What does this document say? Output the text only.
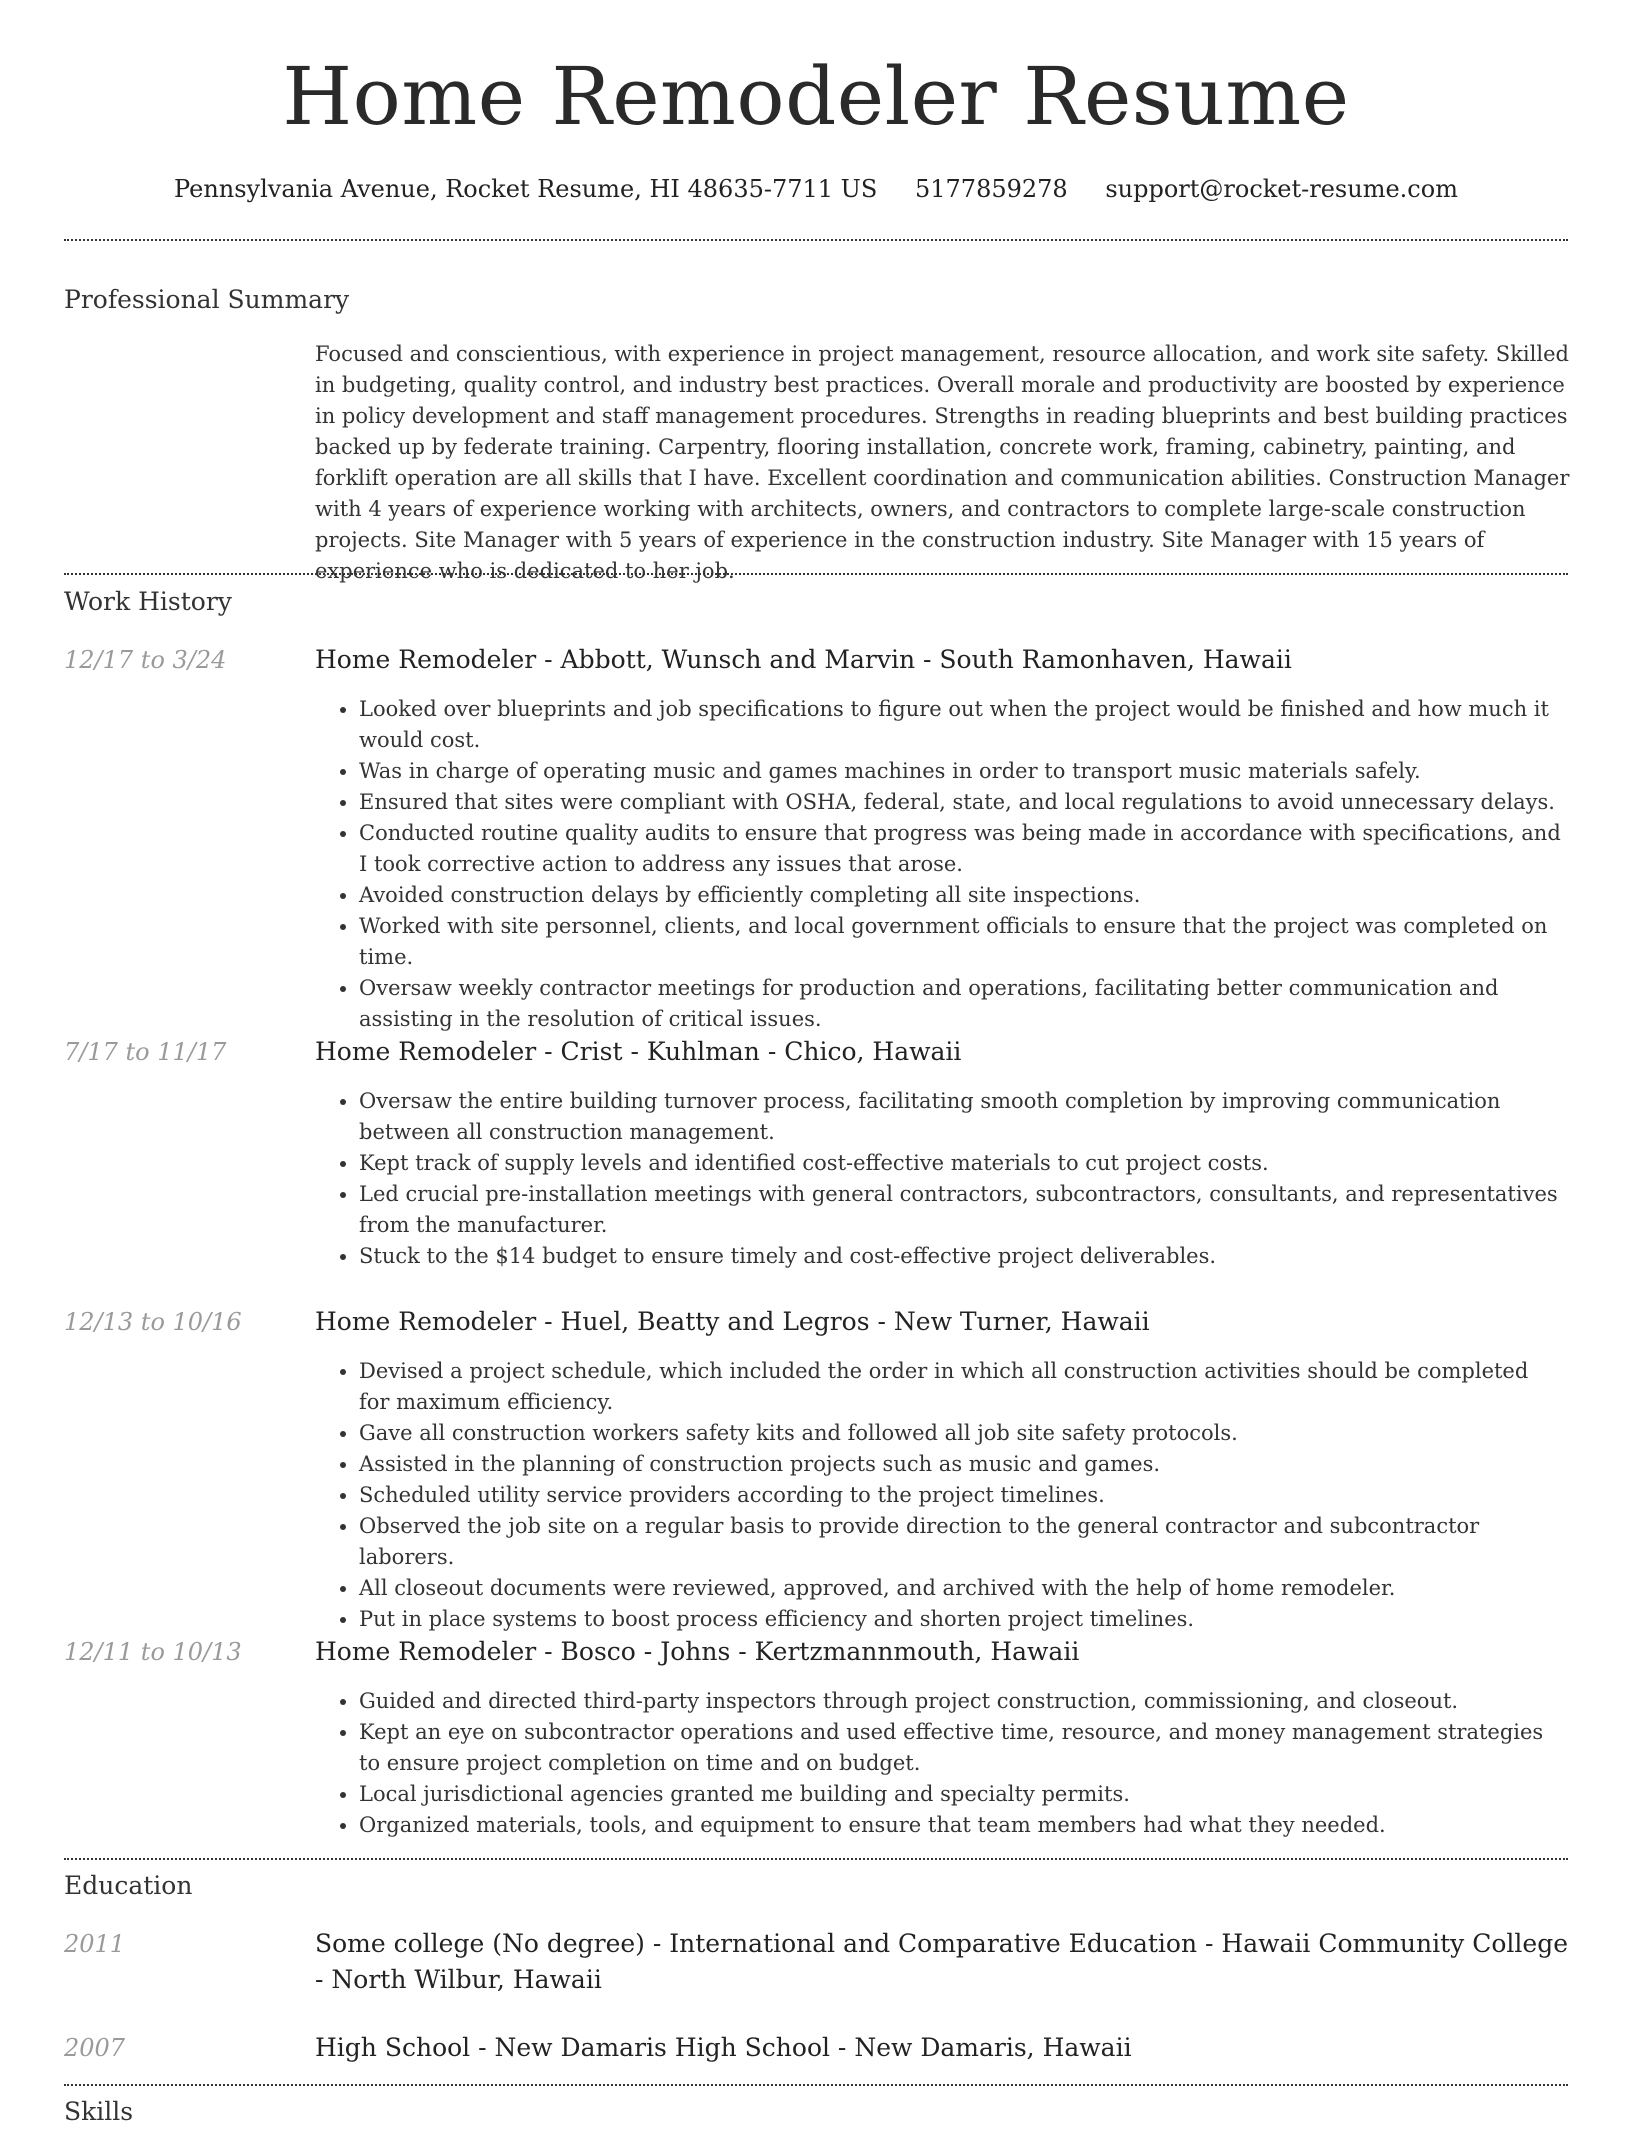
Home Remodeler Resume
Pennsylvania Avenue, Rocket Resume, HI 48635-7711 US 5177859278 support@rocket-resume.com
Professional Summary

Focused and conscientious, with experience in project management, resource allocation, and work site safety. Skilled in budgeting, quality control, and industry best practices. Overall morale and productivity are boosted by experience in policy development and staff management procedures. Strengths in reading blueprints and best building practices backed up by federate training. Carpentry, flooring installation, concrete work, framing, cabinetry, painting, and forklift operation are all skills that I have. Excellent coordination and communication abilities. Construction Manager with 4 years of experience working with architects, owners, and contractors to complete large-scale construction projects. Site Manager with 5 years of experience in the construction industry. Site Manager with 15 years of experience who is dedicated to her job.

Work History
12/17 to 3/24	Home Remodeler - Abbott, Wunsch and Marvin - South Ramonhaven, Hawaii
• Looked over blueprints and job specifications to figure out when the project would be finished and how much it would cost.
• Was in charge of operating music and games machines in order to transport music materials safely.
• Ensured that sites were compliant with OSHA, federal, state, and local regulations to avoid unnecessary delays.
• Conducted routine quality audits to ensure that progress was being made in accordance with specifications, and I took corrective action to address any issues that arose.
• Avoided construction delays by efficiently completing all site inspections.
• Worked with site personnel, clients, and local government officials to ensure that the project was completed on time.
• Oversaw weekly contractor meetings for production and operations, facilitating better communication and assisting in the resolution of critical issues.
7/17 to 11/17	Home Remodeler - Crist - Kuhlman - Chico, Hawaii
• Oversaw the entire building turnover process, facilitating smooth completion by improving communication between all construction management.
• Kept track of supply levels and identified cost-effective materials to cut project costs.
• Led crucial pre-installation meetings with general contractors, subcontractors, consultants, and representatives from the manufacturer.
• Stuck to the $14 budget to ensure timely and cost-effective project deliverables.
12/13 to 10/16	Home Remodeler - Huel, Beatty and Legros - New Turner, Hawaii
• Devised a project schedule, which included the order in which all construction activities should be completed for maximum efficiency.
• Gave all construction workers safety kits and followed all job site safety protocols.
• Assisted in the planning of construction projects such as music and games.
• Scheduled utility service providers according to the project timelines.
• Observed the job site on a regular basis to provide direction to the general contractor and subcontractor laborers.
• All closeout documents were reviewed, approved, and archived with the help of home remodeler.
• Put in place systems to boost process efficiency and shorten project timelines.
12/11 to 10/13	Home Remodeler - Bosco - Johns - Kertzmannmouth, Hawaii
• Guided and directed third-party inspectors through project construction, commissioning, and closeout.
• Kept an eye on subcontractor operations and used effective time, resource, and money management strategies to ensure project completion on time and on budget.
• Local jurisdictional agencies granted me building and specialty permits.
• Organized materials, tools, and equipment to ensure that team members had what they needed.
Education
2011	Some college (No degree) - International and Comparative Education - Hawaii Community College - North Wilbur, Hawaii
2007	High School - New Damaris High School - New Damaris, Hawaii
Skills
